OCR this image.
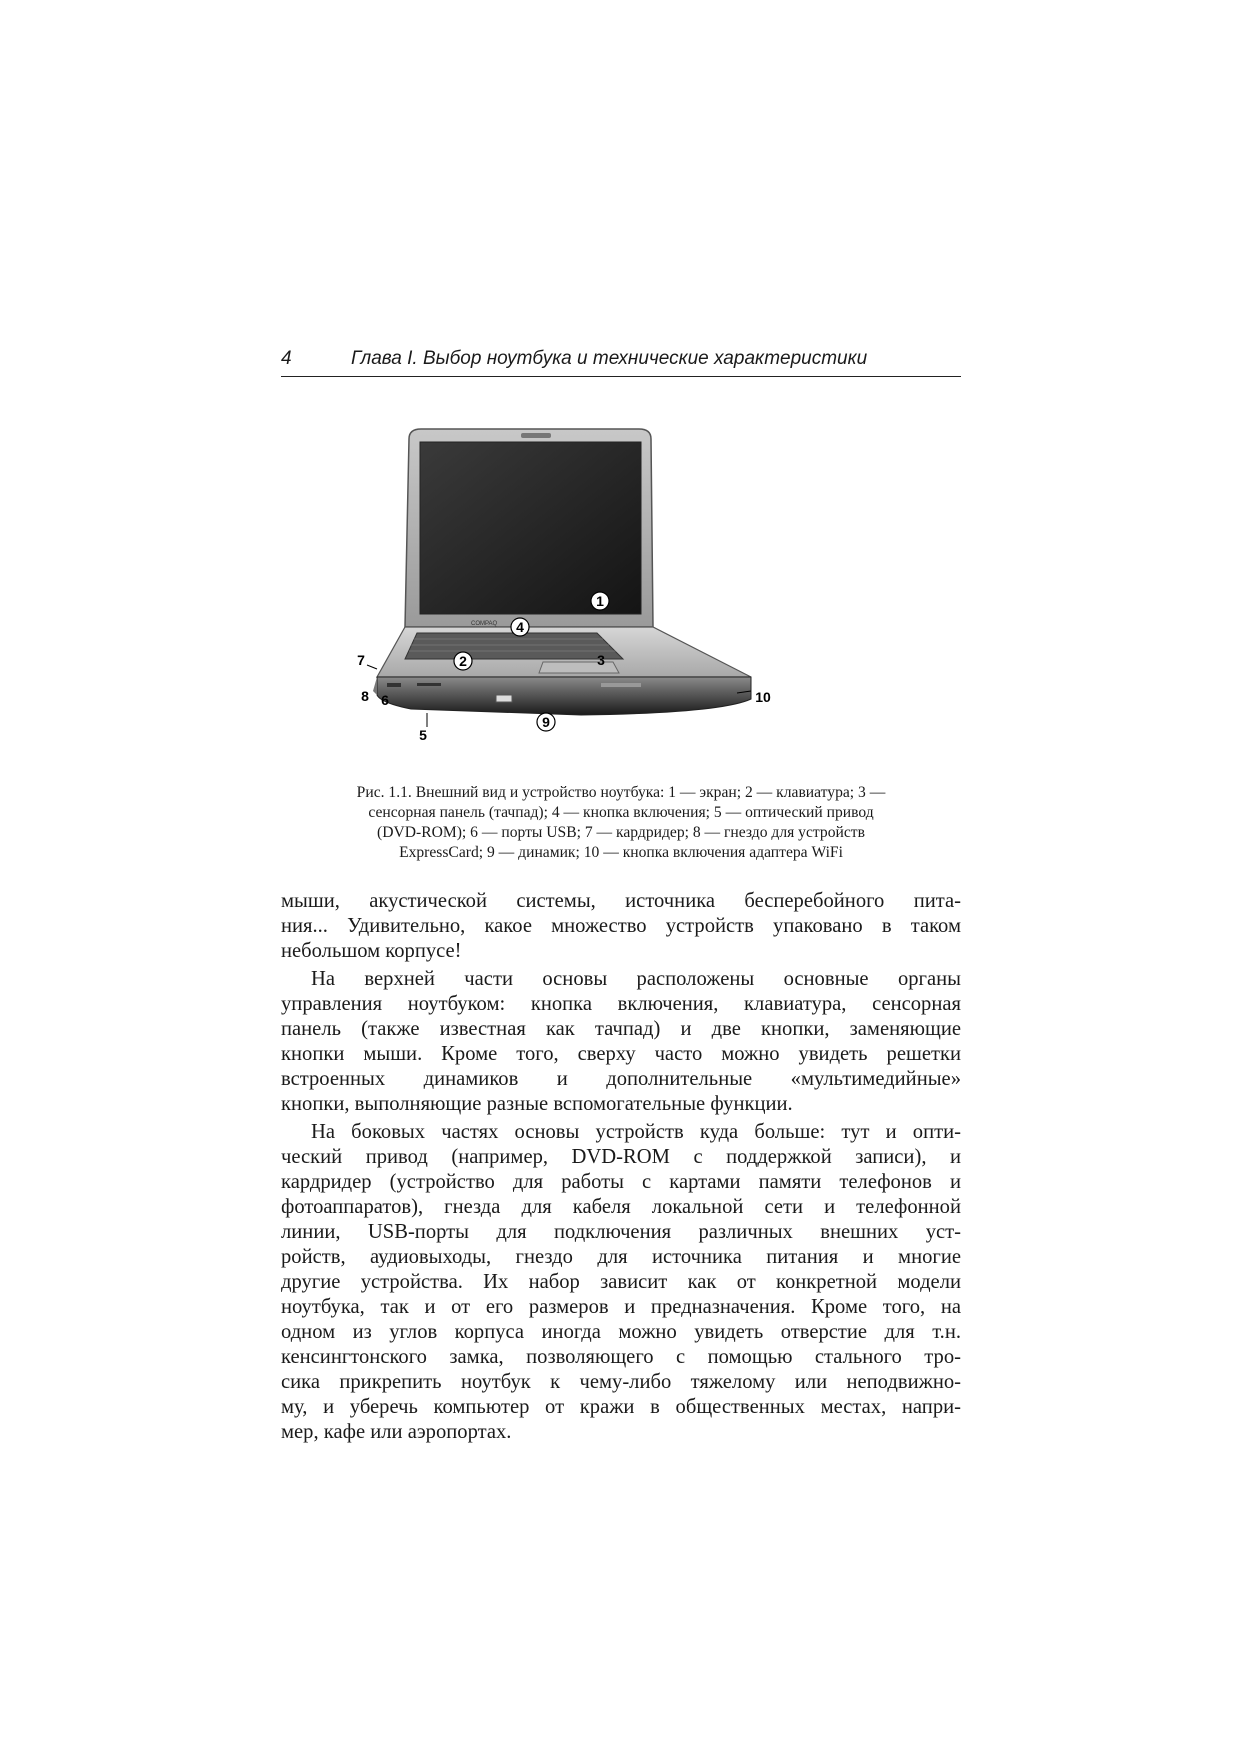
4	Глава I. Выбор ноутбука и технические характеристики
COMPAQ
1
2	3
4
5
6
7
8
9
10
Рис. 1.1. Внешний вид и устройство ноутбука: 1 — экран; 2 — клавиатура; 3 —
сенсорная панель (тачпад); 4 — кнопка включения; 5 — оптический привод
(DVD-ROM); 6 — порты USB; 7 — кардридер; 8 — гнездо для устройств
ExpressCard; 9 — динамик; 10 — кнопка включения адаптера WiFi
мыши, акустической системы, источника бесперебойного пита-
ния... Удивительно, какое множество устройств упаковано в таком
небольшом корпусе!
На верхней части основы расположены основные органы
управления ноутбуком: кнопка включения, клавиатура, сенсорная
панель (также известная как тачпад) и две кнопки, заменяющие
кнопки мыши. Кроме того, сверху часто можно увидеть решетки
встроенных динамиков и дополнительные «мультимедийные»
кнопки, выполняющие разные вспомогательные функции.
На боковых частях основы устройств куда больше: тут и опти-
ческий привод (например, DVD-ROM с поддержкой записи), и
кардридер (устройство для работы с картами памяти телефонов и
фотоаппаратов), гнезда для кабеля локальной сети и телефонной
линии, USB-порты для подключения различных внешних уст-
ройств, аудиовыходы, гнездо для источника питания и многие
другие устройства. Их набор зависит как от конкретной модели
ноутбука, так и от его размеров и предназначения. Кроме того, на
одном из углов корпуса иногда можно увидеть отверстие для т.н.
кенсингтонского замка, позволяющего с помощью стального тро-
сика прикрепить ноутбук к чему-либо тяжелому или неподвижно-
му, и уберечь компьютер от кражи в общественных местах, напри-
мер, кафе или аэропортах.
